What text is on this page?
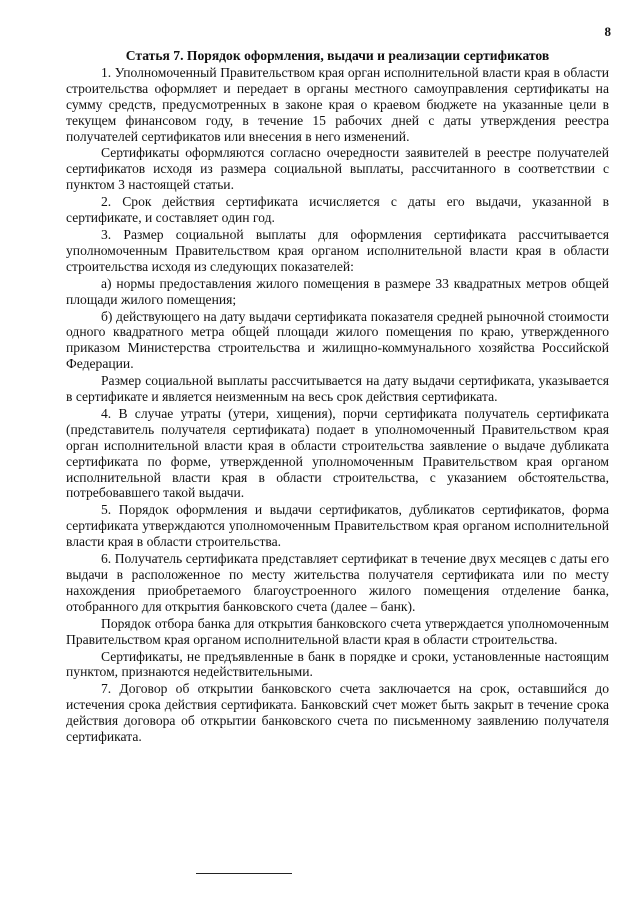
8
Статья 7. Порядок оформления, выдачи и реализации сертификатов

1. Уполномоченный Правительством края орган исполнительной власти края в области строительства оформляет и передает в органы местного самоуправления сертификаты на сумму средств, предусмотренных в законе края о краевом бюджете на указанные цели в текущем финансовом году, в течение 15 рабочих дней с даты утверждения реестра получателей сертификатов или внесения в него изменений.

Сертификаты оформляются согласно очередности заявителей в реестре получателей сертификатов исходя из размера социальной выплаты, рассчитанного в соответствии с пунктом 3 настоящей статьи.

2. Срок действия сертификата исчисляется с даты его выдачи, указанной в сертификате, и составляет один год.

3. Размер социальной выплаты для оформления сертификата рассчитывается уполномоченным Правительством края органом исполнительной власти края в области строительства исходя из следующих показателей:

а) нормы предоставления жилого помещения в размере 33 квадратных метров общей площади жилого помещения;

б) действующего на дату выдачи сертификата показателя средней рыночной стоимости одного квадратного метра общей площади жилого помещения по краю, утвержденного приказом Министерства строительства и жилищно-коммунального хозяйства Российской Федерации.

Размер социальной выплаты рассчитывается на дату выдачи сертификата, указывается в сертификате и является неизменным на весь срок действия сертификата.

4. В случае утраты (утери, хищения), порчи сертификата получатель сертификата (представитель получателя сертификата) подает в уполномоченный Правительством края орган исполнительной власти края в области строительства заявление о выдаче дубликата сертификата по форме, утвержденной уполномоченным Правительством края органом исполнительной власти края в области строительства, с указанием обстоятельства, потребовавшего такой выдачи.

5. Порядок оформления и выдачи сертификатов, дубликатов сертификатов, форма сертификата утверждаются уполномоченным Правительством края органом исполнительной власти края в области строительства.

6. Получатель сертификата представляет сертификат в течение двух месяцев с даты его выдачи в расположенное по месту жительства получателя сертификата или по месту нахождения приобретаемого благоустроенного жилого помещения отделение банка, отобранного для открытия банковского счета (далее – банк).

Порядок отбора банка для открытия банковского счета утверждается уполномоченным Правительством края органом исполнительной власти края в области строительства.

Сертификаты, не предъявленные в банк в порядке и сроки, установленные настоящим пунктом, признаются недействительными.

7. Договор об открытии банковского счета заключается на срок, оставшийся до истечения срока действия сертификата. Банковский счет может быть закрыт в течение срока действия договора об открытии банковского счета по письменному заявлению получателя сертификата.
